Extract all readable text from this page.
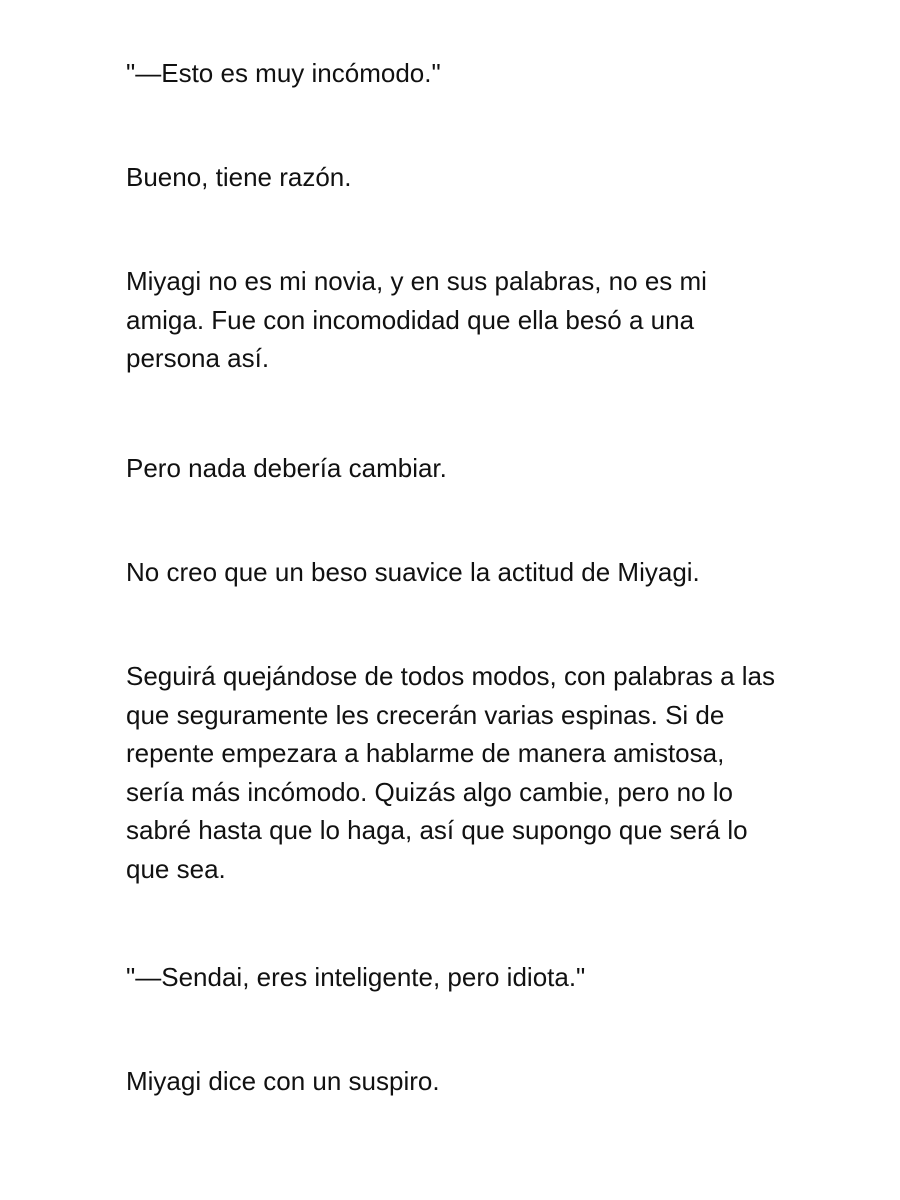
"—Esto es muy incómodo."

Bueno, tiene razón.

Miyagi no es mi novia, y en sus palabras, no es mi amiga. Fue con incomodidad que ella besó a una persona así.

Pero nada debería cambiar.

No creo que un beso suavice la actitud de Miyagi.

Seguirá quejándose de todos modos, con palabras a las que seguramente les crecerán varias espinas. Si de repente empezara a hablarme de manera amistosa, sería más incómodo. Quizás algo cambie, pero no lo sabré hasta que lo haga, así que supongo que será lo que sea.

"—Sendai, eres inteligente, pero idiota."

Miyagi dice con un suspiro.
